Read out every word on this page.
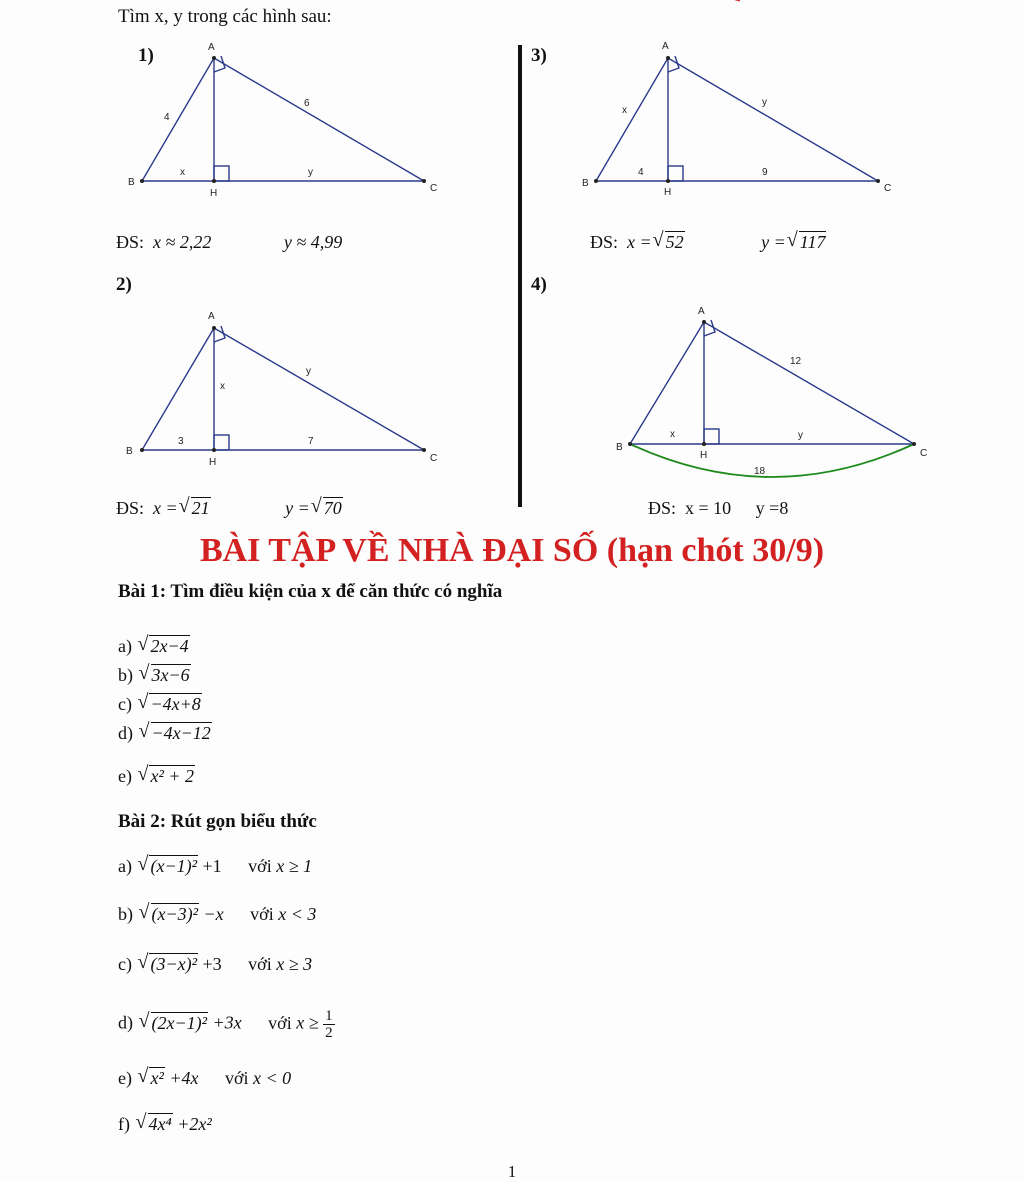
Tìm x, y trong các hình sau:
1)	A
B
C
H
4
6
x	y
ĐS: x ≈ 2,22	y ≈ 4,99
2)
A
B
C
H
x
y
3	7
ĐS: x = √ 21	y = √ 70
3)	A
B	C
H
x
y
4	9
ĐS: x = √ 52	y = √ 117
4)
A
B
C
H
12
x	y
18
ĐS: x = 10 y =8
BÀI TẬP VỀ NHÀ ĐẠI SỐ (hạn chót 30/9)
Bài 1: Tìm điều kiện của x để căn thức có nghĩa
a) √ 2x−4
b) √ 3x−6
c) √ −4x+8
d) √ −4x−12
e) √ x² + 2
Bài 2: Rút gọn biểu thức
a) √ (x−1)² +1 với x ≥ 1
b) √ (x−3)² −x với x < 3
c) √ (3−x)² +3 với x ≥ 3
d) √ (2x−1)² +3x với $x \ge \frac{1}{2}$
e) √ x² +4x với x < 0
f) √ 4x⁴ +2x²
1
